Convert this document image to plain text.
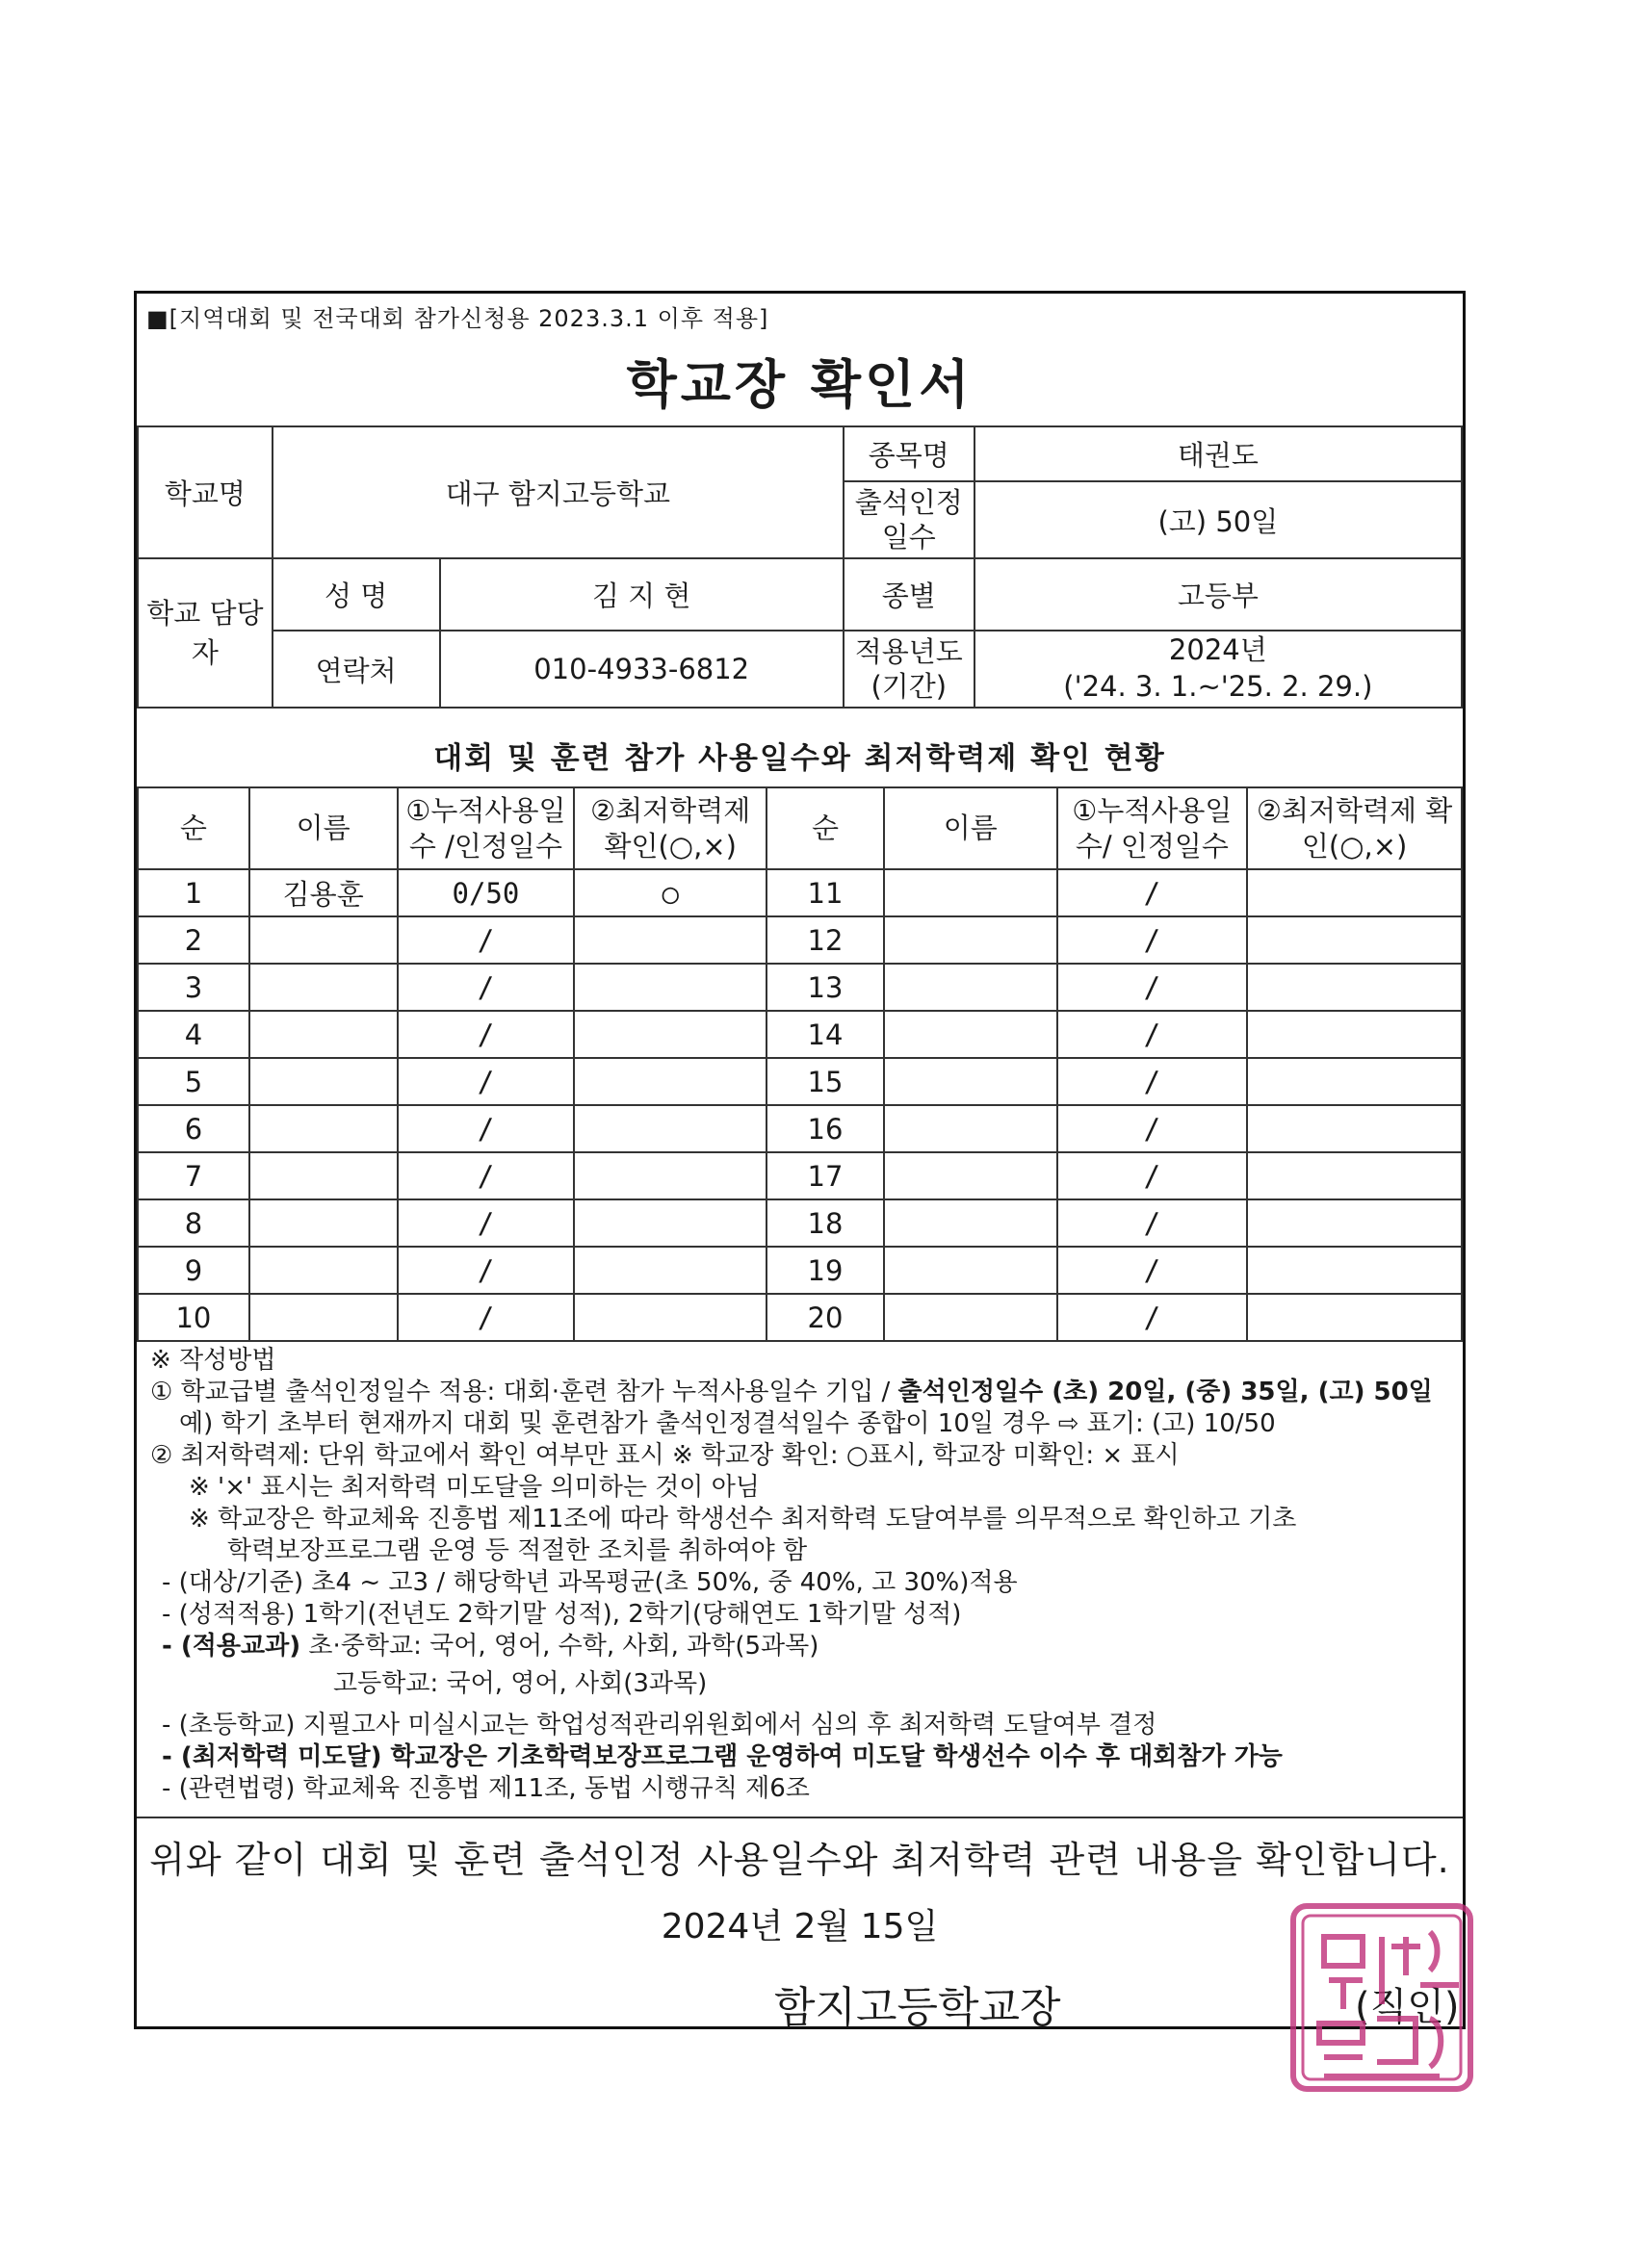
■[지역대회 및 전국대회 참가신청용 2023.3.1 이후 적용]
학교장 확인서
학교명	대구 함지고등학교		종목명	태권도
			출석인정 일수	(고) 50일
학교 담당자	성 명	김 지 현	종별	고등부
	연락처	010-4933-6812	적용년도 (기간)	2024년
('24. 3. 1.~'25. 2. 29.)
대회 및 훈련 참가 사용일수와 최저학력제 확인 현황
순	이름	①누적사용일수 /인정일수	②최저학력제 확인(○,×)	순	이름	①누적사용일수/ 인정일수	②최저학력제 확인(○,×)
1	김용훈	0/50	○	11		/	
2		/		12		/	
3		/		13		/	
4		/		14		/	
5		/		15		/	
6		/		16		/	
7		/		17		/	
8		/		18		/	
9		/		19		/	
10		/		20		/	
※ 작성방법
① 학교급별 출석인정일수 적용: 대회·훈련 참가 누적사용일수 기입 / 출석인정일수 (초) 20일, (중) 35일, (고) 50일
예) 학기 초부터 현재까지 대회 및 훈련참가 출석인정결석일수 종합이 10일 경우 ⇨ 표기: (고) 10/50
② 최저학력제: 단위 학교에서 확인 여부만 표시 ※ 학교장 확인: ○표시, 학교장 미확인: × 표시
※ '×' 표시는 최저학력 미도달을 의미하는 것이 아님
※ 학교장은 학교체육 진흥법 제11조에 따라 학생선수 최저학력 도달여부를 의무적으로 확인하고 기초
학력보장프로그램 운영 등 적절한 조치를 취하여야 함
- (대상/기준) 초4 ~ 고3 / 해당학년 과목평균(초 50%, 중 40%, 고 30%)적용
- (성적적용) 1학기(전년도 2학기말 성적), 2학기(당해연도 1학기말 성적)
- (적용교과) 초·중학교: 국어, 영어, 수학, 사회, 과학(5과목)
고등학교: 국어, 영어, 사회(3과목)
- (초등학교) 지필고사 미실시교는 학업성적관리위원회에서 심의 후 최저학력 도달여부 결정
- (최저학력 미도달) 학교장은 기초학력보장프로그램 운영하여 미도달 학생선수 이수 후 대회참가 가능
- (관련법령) 학교체육 진흥법 제11조, 동법 시행규칙 제6조
위와 같이 대회 및 훈련 출석인정 사용일수와 최저학력 관련 내용을 확인합니다.
2024년 2월 15일
함지고등학교장	(직인)
